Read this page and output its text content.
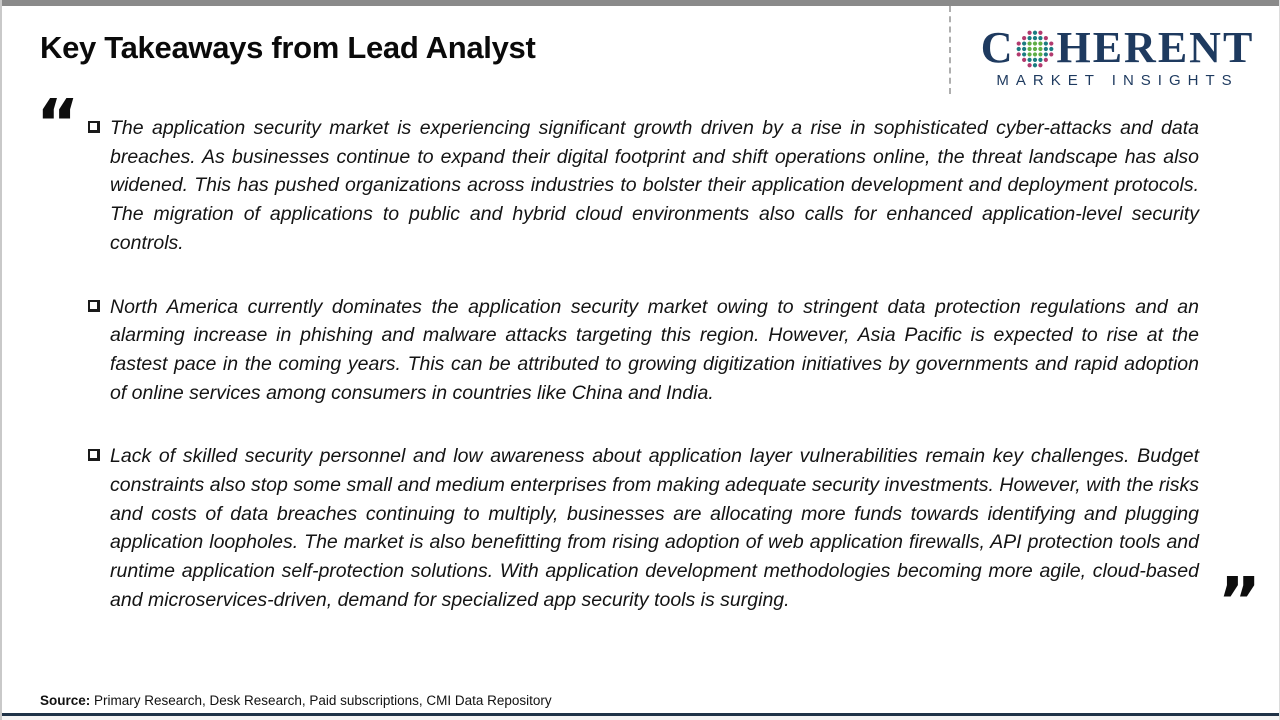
Key Takeaways from Lead Analyst	C HERENT
MARKET INSIGHTS
“ The application security market is experiencing significant growth driven by a rise in sophisticated cyber-attacks and data breaches. As businesses continue to expand their digital footprint and shift operations online, the threat landscape has also widened. This has pushed organizations across industries to bolster their application development and deployment protocols. The migration of applications to public and hybrid cloud environments also calls for enhanced application-level security controls.

North America currently dominates the application security market owing to stringent data protection regulations and an alarming increase in phishing and malware attacks targeting this region. However, Asia Pacific is expected to rise at the fastest pace in the coming years. This can be attributed to growing digitization initiatives by governments and rapid adoption of online services among consumers in countries like China and India.

Lack of skilled security personnel and low awareness about application layer vulnerabilities remain key challenges. Budget constraints also stop some small and medium enterprises from making adequate security investments. However, with the risks and costs of data breaches continuing to multiply, businesses are allocating more funds towards identifying and plugging application loopholes. The market is also benefitting from rising adoption of web application firewalls, API protection tools and runtime application self-protection solutions. With application development methodologies becoming more agile, cloud-based and microservices-driven, demand for specialized app security tools is surging.	”
Source: Primary Research, Desk Research, Paid subscriptions, CMI Data Repository
